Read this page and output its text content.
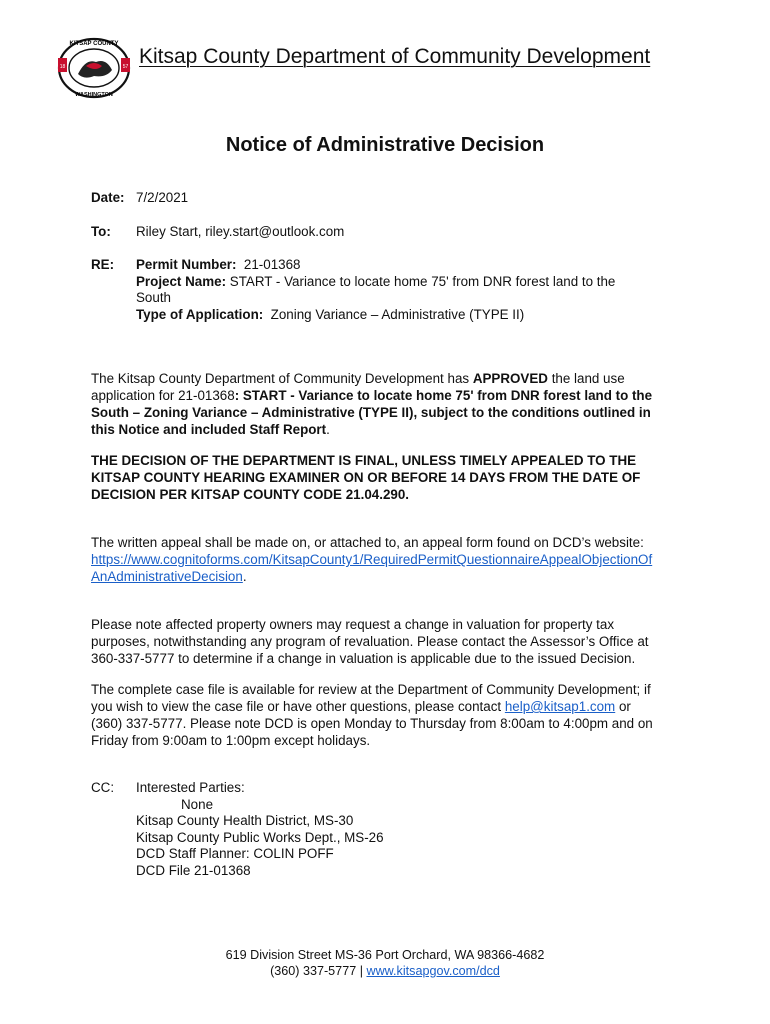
KITSAP COUNTY
18	57
WASHINGTON
Kitsap County Department of Community Development
Notice of Administrative Decision
Date: 7/2/2021
To: Riley Start, riley.start@outlook.com
RE: Permit Number: 21-01368
Project Name: START - Variance to locate home 75' from DNR forest land to the
South
Type of Application: Zoning Variance – Administrative (TYPE II)
The Kitsap County Department of Community Development has APPROVED the land use
application for 21-01368: START - Variance to locate home 75' from DNR forest land to the
South – Zoning Variance – Administrative (TYPE II), subject to the conditions outlined in
this Notice and included Staff Report.
THE DECISION OF THE DEPARTMENT IS FINAL, UNLESS TIMELY APPEALED TO THE
KITSAP COUNTY HEARING EXAMINER ON OR BEFORE 14 DAYS FROM THE DATE OF
DECISION PER KITSAP COUNTY CODE 21.04.290.
The written appeal shall be made on, or attached to, an appeal form found on DCD’s website:
https://www.cognitoforms.com/KitsapCounty1/RequiredPermitQuestionnaireAppealObjectionOf
AnAdministrativeDecision.
Please note affected property owners may request a change in valuation for property tax
purposes, notwithstanding any program of revaluation. Please contact the Assessor’s Office at
360-337-5777 to determine if a change in valuation is applicable due to the issued Decision.
The complete case file is available for review at the Department of Community Development; if
you wish to view the case file or have other questions, please contact help@kitsap1.com or
(360) 337-5777. Please note DCD is open Monday to Thursday from 8:00am to 4:00pm and on
Friday from 9:00am to 1:00pm except holidays.
CC: Interested Parties:
None
Kitsap County Health District, MS-30
Kitsap County Public Works Dept., MS-26
DCD Staff Planner: COLIN POFF
DCD File 21-01368
619 Division Street MS-36 Port Orchard, WA 98366-4682
(360) 337-5777 | www.kitsapgov.com/dcd
